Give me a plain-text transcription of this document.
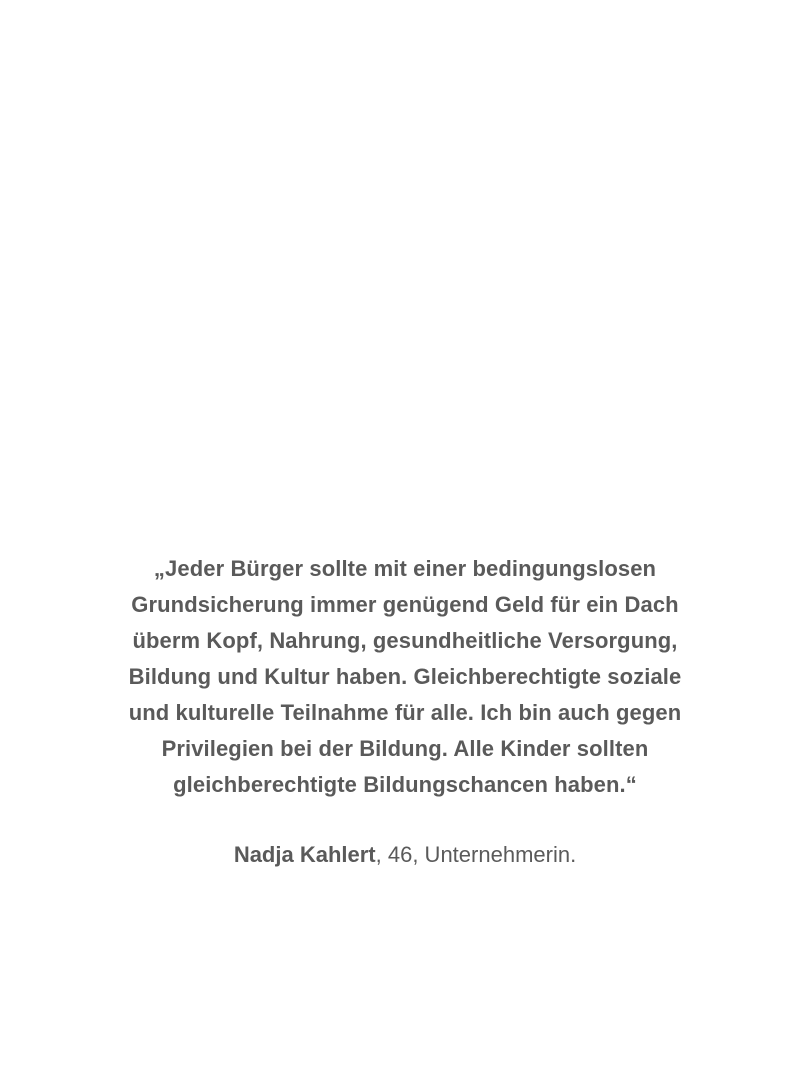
„Jeder Bürger sollte mit einer bedingungslosen
Grundsicherung immer genügend Geld für ein Dach
überm Kopf, Nahrung, gesundheitliche Versorgung,
Bildung und Kultur haben. Gleichberechtigte soziale
und kulturelle Teilnahme für alle. Ich bin auch gegen
Privilegien bei der Bildung. Alle Kinder sollten
gleichberechtigte Bildungschancen haben.“

Nadja Kahlert, 46, Unternehmerin.
